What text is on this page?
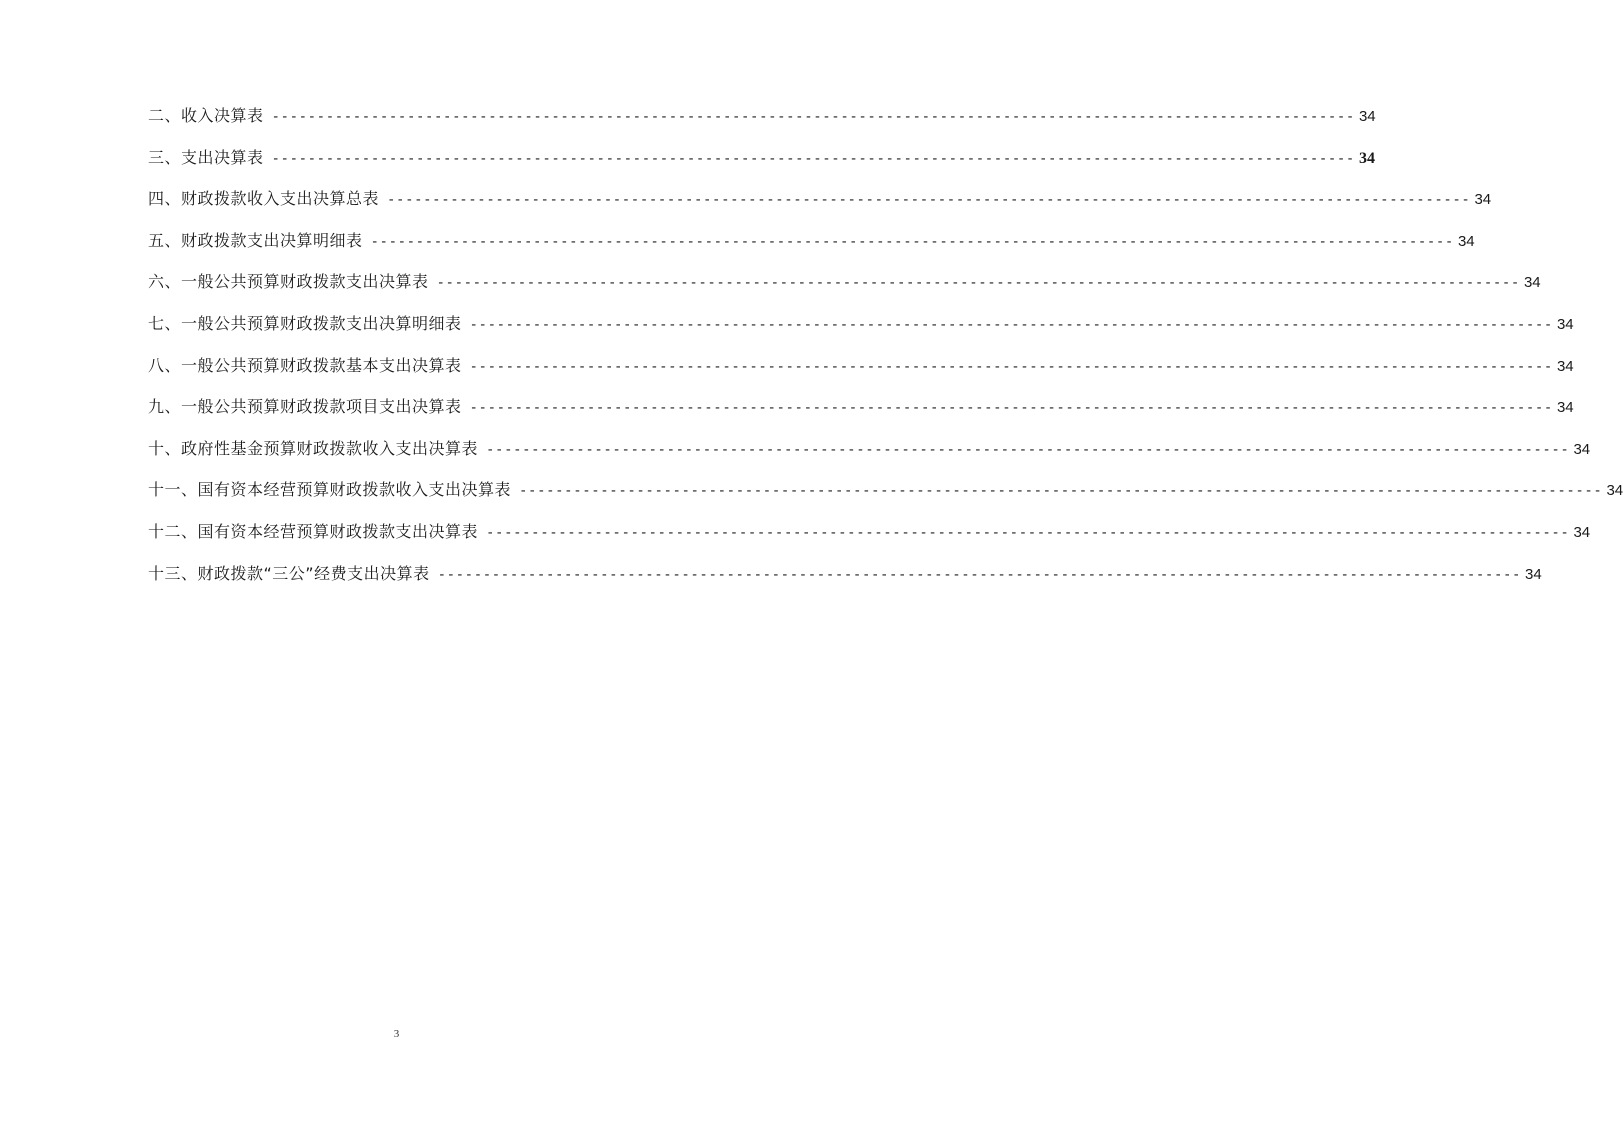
二、收入决算表 ------------------------------------------------------------------------------------------------------------------------ 34
三、支出决算表 ------------------------------------------------------------------------------------------------------------------------ 34
四、财政拨款收入支出决算总表 ------------------------------------------------------------------------------------------------------------------------ 34
五、财政拨款支出决算明细表 ------------------------------------------------------------------------------------------------------------------------ 34
六、一般公共预算财政拨款支出决算表 ------------------------------------------------------------------------------------------------------------------------ 34
七、一般公共预算财政拨款支出决算明细表 ------------------------------------------------------------------------------------------------------------------------ 34
八、一般公共预算财政拨款基本支出决算表 ------------------------------------------------------------------------------------------------------------------------ 34
九、一般公共预算财政拨款项目支出决算表 ------------------------------------------------------------------------------------------------------------------------ 34
十、政府性基金预算财政拨款收入支出决算表 ------------------------------------------------------------------------------------------------------------------------ 34
十一、国有资本经营预算财政拨款收入支出决算表 ------------------------------------------------------------------------------------------------------------------------ 34
十二、国有资本经营预算财政拨款支出决算表 ------------------------------------------------------------------------------------------------------------------------ 34
十三、财政拨款“三公”经费支出决算表 ------------------------------------------------------------------------------------------------------------------------ 34
3
